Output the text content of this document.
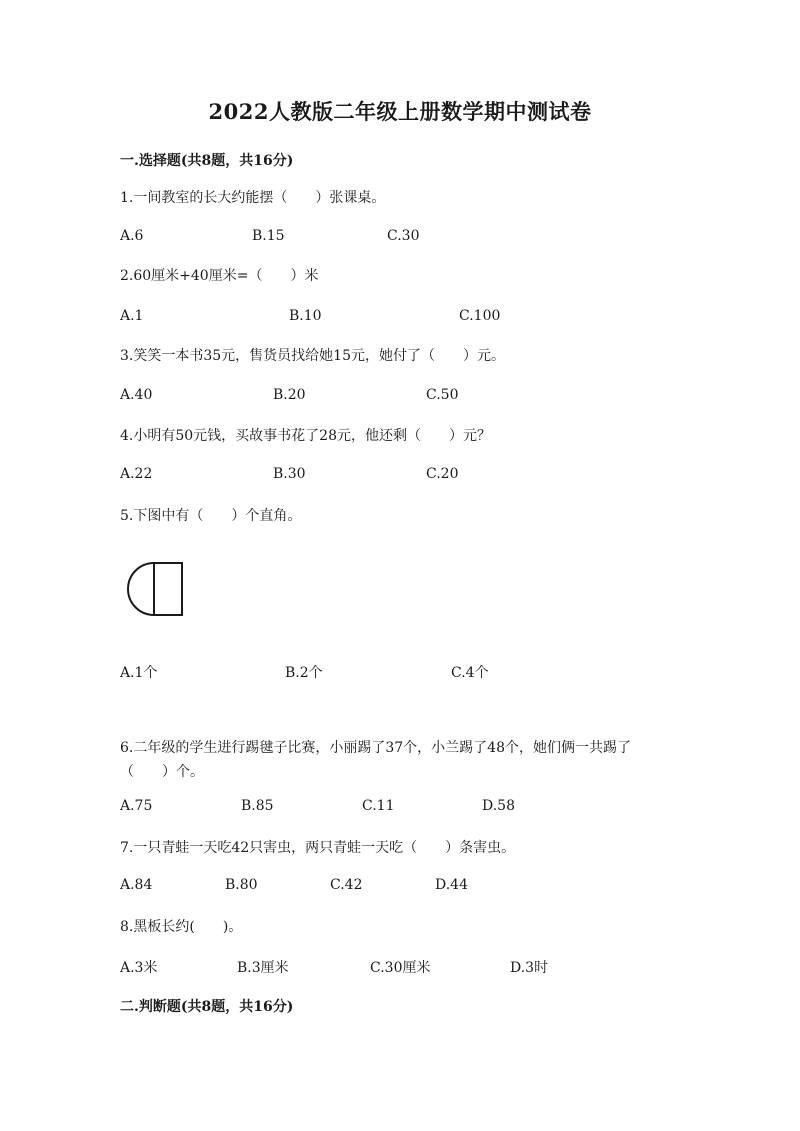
2022人教版二年级上册数学期中测试卷
一.选择题(共8题，共16分)
1.一间教室的长大约能摆（　　）张课桌。
A.6	B.15	C.30
2.60厘米+40厘米=（　　）米
A.1	B.10	C.100
3.笑笑一本书35元，售货员找给她15元，她付了（　　）元。
A.40	B.20	C.50
4.小明有50元钱，买故事书花了28元，他还剩（　　）元？
A.22	B.30	C.20
5.下图中有（　　）个直角。
A.1个	B.2个	C.4个
6.二年级的学生进行踢毽子比赛，小丽踢了37个，小兰踢了48个，她们俩一共踢了（　　）个。
A.75	B.85	C.11	D.58
7.一只青蛙一天吃42只害虫，两只青蛙一天吃（　　）条害虫。
A.84	B.80	C.42	D.44
8.黑板长约(　　)。
A.3米	B.3厘米	C.30厘米	D.3时
二.判断题(共8题，共16分)
